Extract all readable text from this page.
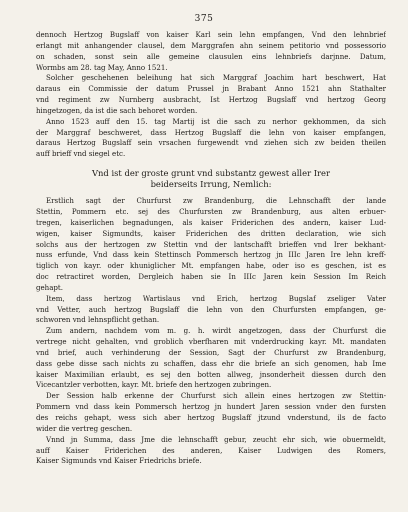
375
dennoch Hertzog Bugslaff von kaiser Karl sein lehn empfangen, Vnd den lehnbrief
erlangt mit anhangender clausel, dem Marggrafen ahn seinem petitorio vnd possessorio
on schaden, sonst sein alle gemeine clausulen eins lehnbriefs darjnne. Datum,
Wormbs am 28. tag May, Anno 1521.
Solcher geschehenen beleihung hat sich Marggraf Joachim hart beschwert, Hat
daraus ein Commissie der datum Prussel jn Brabant Anno 1521 ahn Stathalter
vnd regiment zw Nurnberg ausbracht, Ist Hertzog Bugslaff vnd hertzog Georg
hingetzogen, da ist die sach behoret worden.
Anno 1523 auff den 15. tag Martij ist die sach zu nerhor gekhommen, da sich
der Marggraf beschweret, dass Hertzog Bugslaff die lehn von kaiser empfangen,
daraus Hertzog Bugslaff sein vrsachen furgewendt vnd ziehen sich zw beiden theilen
auff brieff vnd siegel etc.
Vnd ist der groste grunt vnd substantz gewest aller Irer
beiderseits Irrung, Nemlich:
Erstlich sagt der Churfurst zw Brandenburg, die Lehnschafft der lande
Stettin, Pommern etc. sej des Churfursten zw Brandenburg, aus alten erbuer-
tregen, kaiserlichen begnadungen, als kaiser Friderichen des andern, kaiser Lud-
wigen, kaiser Sigmundts, kaiser Friderichen des dritten declaration, wie sich
solchs aus der hertzogen zw Stettin vnd der lantschafft brieffen vnd Irer bekhant-
nuss erfunde, Vnd dass kein Stettinsch Pommersch hertzog jn III⁨c⁩ Jaren Ire lehn kreff-
tiglich von kayr. oder khuniglicher Mt. empfangen habe, oder iso es geschen, ist es
doc retractiret worden, Dergleich haben sie In IIIc Jaren kein Session Im Reich
gehapt.
Item, dass hertzog Wartislaus vnd Erich, hertzog Bugslaf zseliger Vater
vnd Vetter, auch hertzog Bugslaff die lehn von den Churfursten empfangen, ge-
schworen vnd lehnspflicht gethan.
Zum andern, nachdem vom m. g. h. wirdt angetzogen, dass der Churfurst die
vertrege nicht gehalten, vnd groblich vberfharen mit vnderdrucking kayr. Mt. mandaten
vnd brief, auch verhinderung der Session, Sagt der Churfurst zw Brandenburg,
dass gebe disse sach nichts zu schaffen, dass ehr die briefe an sich genomen, hab Ime
kaiser Maximilian erlaubt, es sej den botten allweg, jnsonderheit diessen durch den
Vicecantzler verbotten, kayr. Mt. briefe den hertzogen zubringen.
Der Session halb erkenne der Churfurst sich allein eines hertzogen zw Stettin-
Pommern vnd dass kein Pommersch hertzog jn hundert Jaren session vnder den fursten
des reichs gehapt, wess sich aber hertzog Bugslaff jtzund vnderstund, ils de facto
wider die vertreg geschen.
Vnnd jn Summa, dass Jme die lehnschafft gebur, zeucht ehr sich, wie obuermeldt,
auff Kaiser Friderichen des anderen, Kaiser Ludwigen des Romers,
Kaiser Sigmunds vnd Kaiser Friedrichs briefe.
